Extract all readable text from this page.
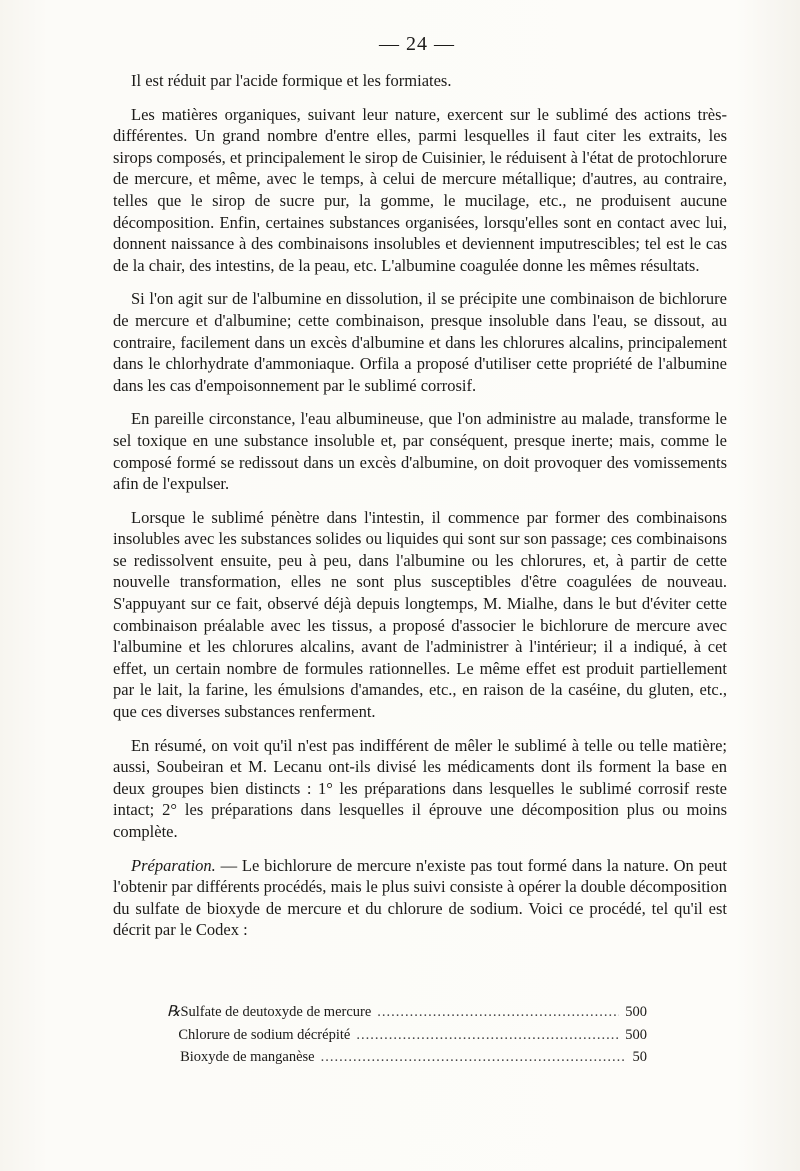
— 24 —

Il est réduit par l'acide formique et les formiates.

Les matières organiques, suivant leur nature, exercent sur le sublimé des actions très-différentes. Un grand nombre d'entre elles, parmi lesquelles il faut citer les extraits, les sirops composés, et principalement le sirop de Cuisinier, le réduisent à l'état de protochlorure de mercure, et même, avec le temps, à celui de mercure métallique; d'autres, au contraire, telles que le sirop de sucre pur, la gomme, le mucilage, etc., ne produisent aucune décomposition. Enfin, certaines substances organisées, lorsqu'elles sont en contact avec lui, donnent naissance à des combinaisons insolubles et deviennent imputrescibles; tel est le cas de la chair, des intestins, de la peau, etc. L'albumine coagulée donne les mêmes résultats.

Si l'on agit sur de l'albumine en dissolution, il se précipite une combinaison de bichlorure de mercure et d'albumine; cette combinaison, presque insoluble dans l'eau, se dissout, au contraire, facilement dans un excès d'albumine et dans les chlorures alcalins, principalement dans le chlorhydrate d'ammoniaque. Orfila a proposé d'utiliser cette propriété de l'albumine dans les cas d'empoisonnement par le sublimé corrosif.

En pareille circonstance, l'eau albumineuse, que l'on administre au malade, transforme le sel toxique en une substance insoluble et, par conséquent, presque inerte; mais, comme le composé formé se redissout dans un excès d'albumine, on doit provoquer des vomissements afin de l'expulser.

Lorsque le sublimé pénètre dans l'intestin, il commence par former des combinaisons insolubles avec les substances solides ou liquides qui sont sur son passage; ces combinaisons se redissolvent ensuite, peu à peu, dans l'albumine ou les chlorures, et, à partir de cette nouvelle transformation, elles ne sont plus susceptibles d'être coagulées de nouveau. S'appuyant sur ce fait, observé déjà depuis longtemps, M. Mialhe, dans le but d'éviter cette combinaison préalable avec les tissus, a proposé d'associer le bichlorure de mercure avec l'albumine et les chlorures alcalins, avant de l'administrer à l'intérieur; il a indiqué, à cet effet, un certain nombre de formules rationnelles. Le même effet est produit partiellement par le lait, la farine, les émulsions d'amandes, etc., en raison de la caséine, du gluten, etc., que ces diverses substances renferment.

En résumé, on voit qu'il n'est pas indifférent de mêler le sublimé à telle ou telle matière; aussi, Soubeiran et M. Lecanu ont-ils divisé les médicaments dont ils forment la base en deux groupes bien distincts : 1° les préparations dans lesquelles le sublimé corrosif reste intact; 2° les préparations dans lesquelles il éprouve une décomposition plus ou moins complète.

Préparation. — Le bichlorure de mercure n'existe pas tout formé dans la nature. On peut l'obtenir par différents procédés, mais le plus suivi consiste à opérer la double décomposition du sulfate de bioxyde de mercure et du chlorure de sodium. Voici ce procédé, tel qu'il est décrit par le Codex :

℞ Sulfate de deutoxyde de mercure .....	500
Chlorure de sodium décrépité .....	500
Bioxyde de manganèse .....	50
